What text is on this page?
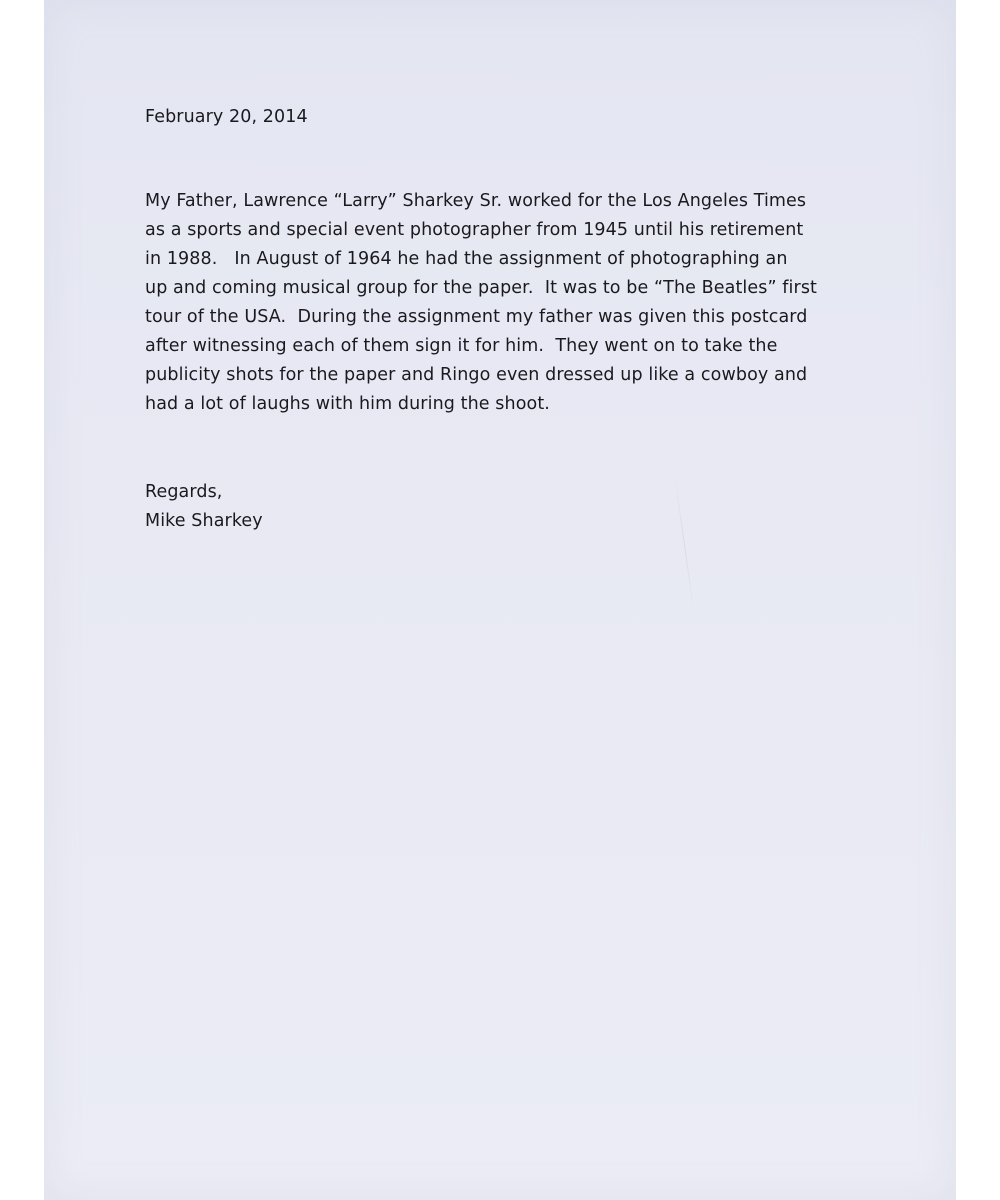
February 20, 2014
My Father, Lawrence “Larry” Sharkey Sr. worked for the Los Angeles Times
as a sports and special event photographer from 1945 until his retirement
in 1988.   In August of 1964 he had the assignment of photographing an
up and coming musical group for the paper.  It was to be “The Beatles” first
tour of the USA.  During the assignment my father was given this postcard
after witnessing each of them sign it for him.  They went on to take the
publicity shots for the paper and Ringo even dressed up like a cowboy and
had a lot of laughs with him during the shoot.
Regards,
Mike Sharkey
